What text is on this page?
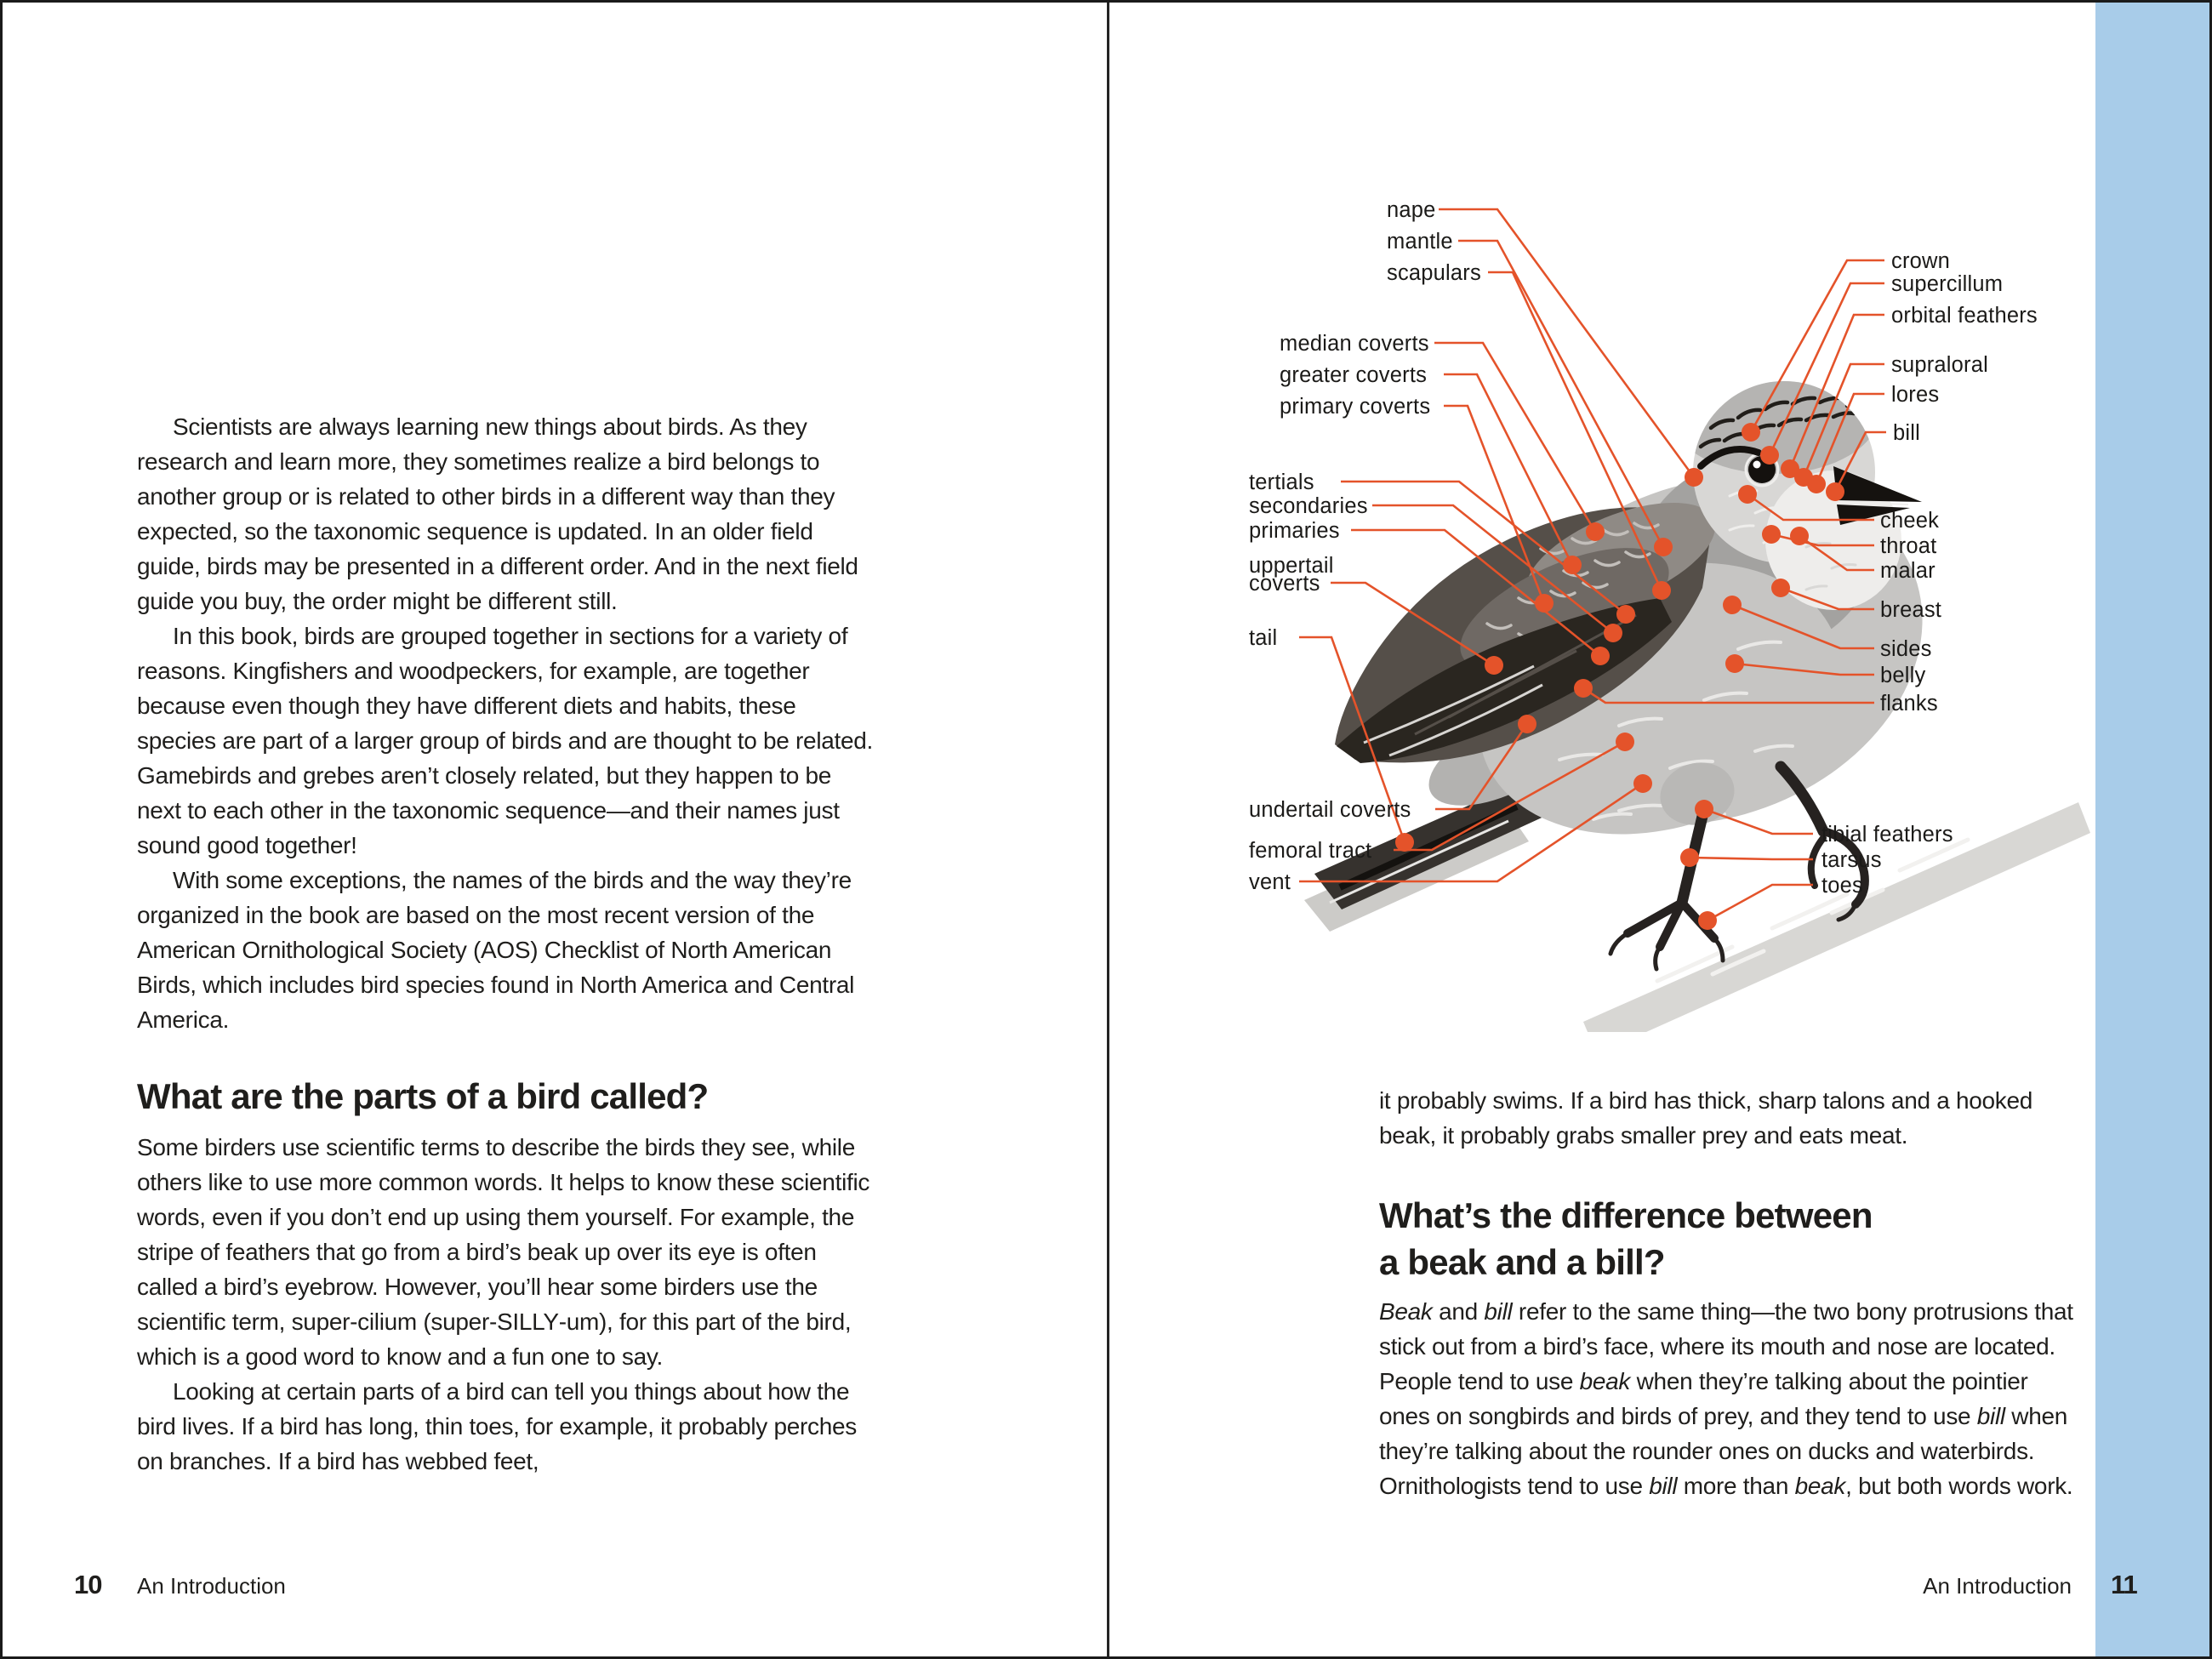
Scientists are always learning new things about birds. As they research and learn more, they sometimes realize a bird belongs to another group or is related to other birds in a different way than they expected, so the taxonomic sequence is updated. In an older field guide, birds may be presented in a different order. And in the next field guide you buy, the order might be different still.

In this book, birds are grouped together in sections for a variety of reasons. Kingfishers and woodpeckers, for example, are together because even though they have different diets and habits, these species are part of a larger group of birds and are thought to be related. Gamebirds and grebes aren’t closely related, but they happen to be next to each other in the taxonomic sequence—and their names just sound good together!

With some exceptions, the names of the birds and the way they’re organized in the book are based on the most recent version of the American Ornithological Society (AOS) Checklist of North American Birds, which includes bird species found in North America and Central America.

What are the parts of a bird called?

Some birders use scientific terms to describe the birds they see, while others like to use more common words. It helps to know these scientific words, even if you don’t end up using them yourself. For example, the stripe of feathers that go from a bird’s beak up over its eye is often called a bird’s eyebrow. However, you’ll hear some birders use the scientific term, super‑cilium (super‑SILLY‑um), for this part of the bird, which is a good word to know and a fun one to say.

Looking at certain parts of a bird can tell you things about how the bird lives. If a bird has long, thin toes, for example, it probably perches on branches. If a bird has webbed feet,

it probably swims. If a bird has thick, sharp talons and a hooked beak, it probably grabs smaller prey and eats meat.

What’s the difference between
a beak and a bill?

Beak and bill refer to the same thing—the two bony protrusions that stick out from a bird’s face, where its mouth and nose are located. People tend to use beak when they’re talking about the pointier ones on songbirds and birds of prey, and they tend to use bill when they’re talking about the rounder ones on ducks and waterbirds. Ornithologists tend to use bill more than beak, but both words work.

10 An Introduction	An Introduction 11
nape
mantle
scapulars
median coverts
greater coverts
primary coverts
tertials
secondaries
primaries
uppertail
coverts
tail
undertail coverts
femoral tract
vent
crown
supercillum
orbital feathers
supraloral
lores
bill
cheek
throat
malar
breast
sides
belly
flanks
tibial feathers
tarsus
toes
